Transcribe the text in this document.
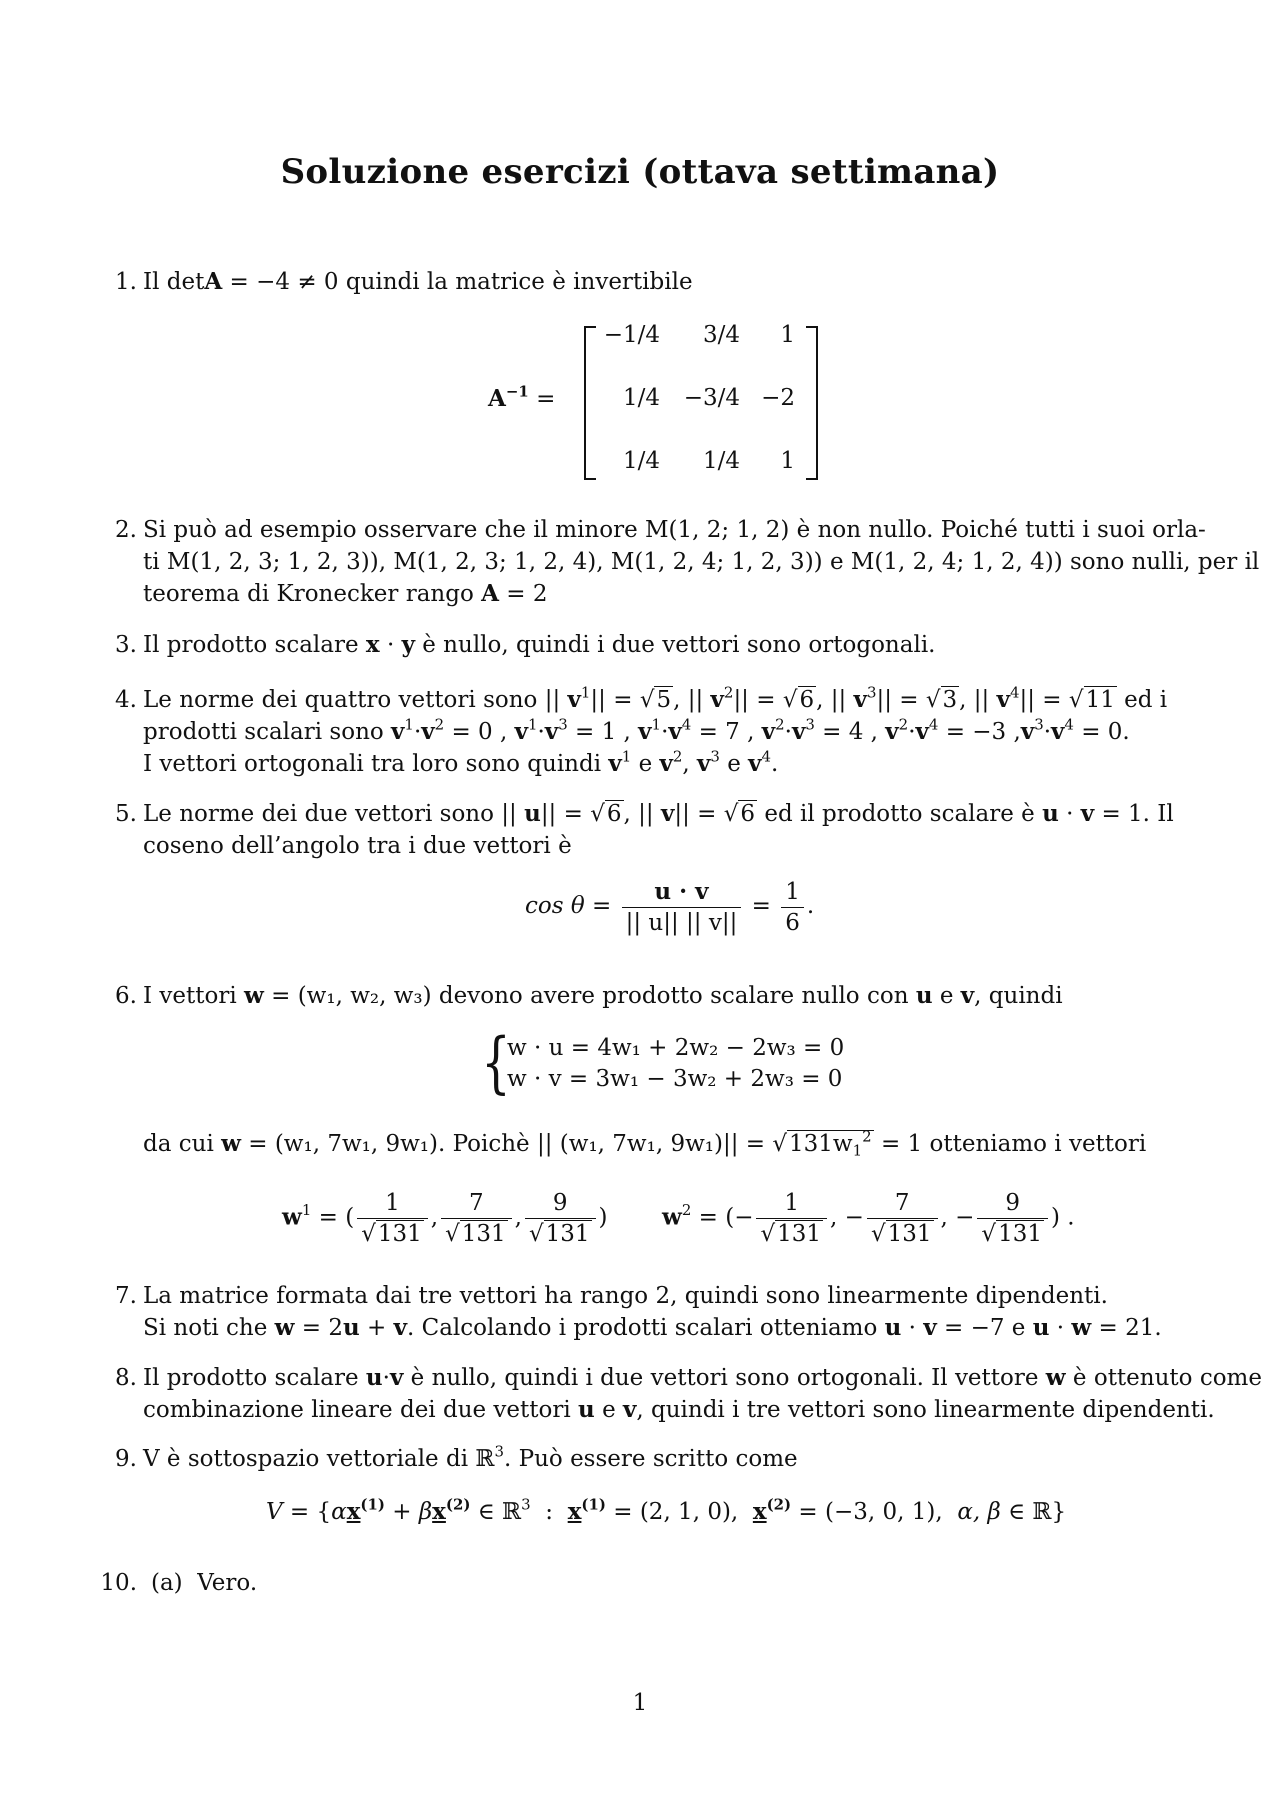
Soluzione esercizi (ottava settimana)
1. Il detA = −4 ≠ 0 quindi la matrice è invertibile
$A^{-1}$ =
−1/4	3/4	1
1/4	−3/4 −2
1/4	1/4	1
2. Si può ad esempio osservare che il minore M(1, 2; 1, 2) è non nullo. Poiché tutti i suoi orla-
ti M(1, 2, 3; 1, 2, 3)), M(1, 2, 3; 1, 2, 4), M(1, 2, 4; 1, 2, 3)) e M(1, 2, 4; 1, 2, 4)) sono nulli, per il
teorema di Kronecker rango A = 2
3. Il prodotto scalare x · y è nullo, quindi i due vettori sono ortogonali.
4. Le norme dei quattro vettori sono || $v^1|| = √5$, || $v^2|| = √6$, || $v^3|| = √3$, || $v^4|| = √11$ ed i
prodotti scalari sono $v^1\cdot v^2 = 0$ , $v^1\cdot v^3 = 1$ , $v^1\cdot v^4 = 7$ , $v^2\cdot v^3 = 4$ , $v^2\cdot v^4 = -3$ $,v^3\cdot v^4 = 0$.
I vettori ortogonali tra loro sono quindi $v^1$ e $v^2$, $v^3$ e $v^4$.
5. Le norme dei due vettori sono || u|| = √6, || v|| = √6 ed il prodotto scalare è u · v = 1. Il
coseno dell’angolo tra i due vettori è
$\cos \theta = \frac{u \cdot v}{|| u|| || v||} = \frac{1}{6}$ .
6. I vettori w = (w₁, w₂, w₃) devono avere prodotto scalare nullo con u e v, quindi
{
w · u = 4w₁ + 2w₂ − 2w₃ = 0
w · v = 3w₁ − 3w₂ + 2w₃ = 0
da cui w = (w₁, 7w₁, 9w₁). Poichè || (w₁, 7w₁, $9w_1)|| = √131w_1^2 = 1$ otteniamo i vettori
$w^1$ = ( $\frac{1}{√131}$ , $\frac{7}{√131}$ , $\frac{9}{√131}$ ) $w^2$ = (− $\frac{1}{√131}$ , − $\frac{7}{√131}$ , − $\frac{9}{√131}$ ) .
7. La matrice formata dai tre vettori ha rango 2, quindi sono linearmente dipendenti.
Si noti che w = 2u + v. Calcolando i prodotti scalari otteniamo u · v = −7 e u · w = 21.
8. Il prodotto scalare u·v è nullo, quindi i due vettori sono ortogonali. Il vettore w è ottenuto come
combinazione lineare dei due vettori u e v, quindi i tre vettori sono linearmente dipendenti.
9. V è sottospazio vettoriale di ℝ$^3$. Può essere scritto come
$V = \{\alpha x^{(1)} + \beta x^{(2)}$ ∈ ℝ$^3$  :  $x^{(1)} = (2$, 1, 0),  $x^{(2)} = (-3$, 0, 1),  α, β ∈ ℝ}
10. (a) Vero.
1
